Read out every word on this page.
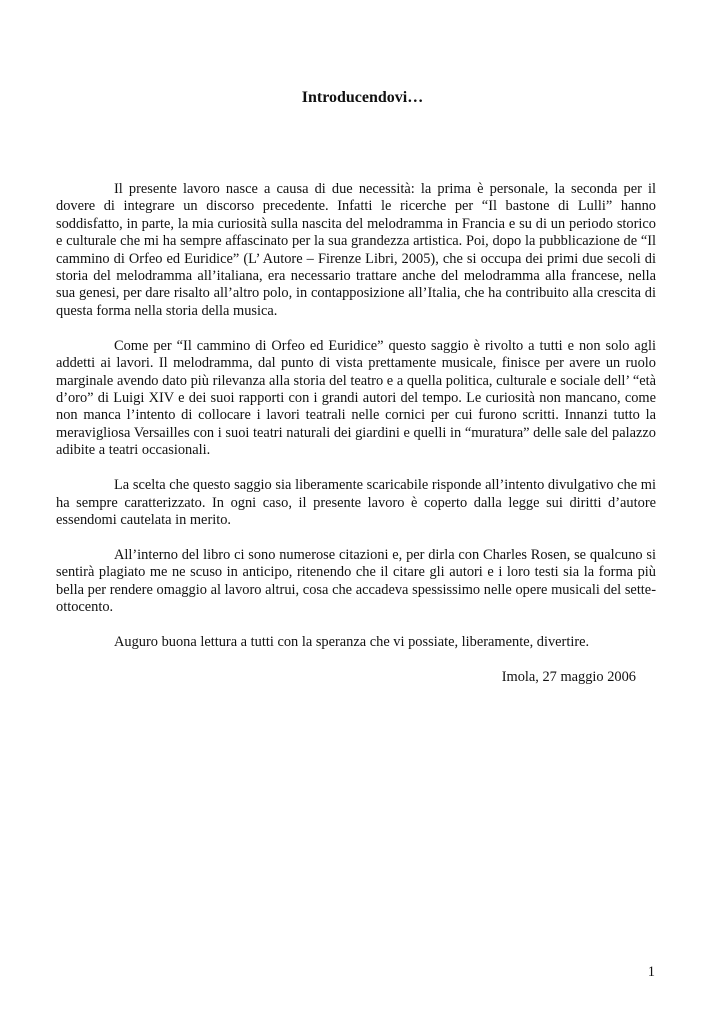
Introducendovi…

Il presente lavoro nasce a causa di due necessità: la prima è personale, la seconda per il dovere di integrare un discorso precedente. Infatti le ricerche per “Il bastone di Lulli” hanno soddisfatto, in parte, la mia curiosità sulla nascita del melodramma in Francia e su di un periodo storico e culturale che mi ha sempre affascinato per la sua grandezza artistica. Poi, dopo la pubblicazione de “Il cammino di Orfeo ed Euridice” (L’ Autore – Firenze Libri, 2005), che si occupa dei primi due secoli di storia del melodramma all’italiana, era necessario trattare anche del melodramma alla francese, nella sua genesi, per dare risalto all’altro polo, in contapposizione all’Italia, che ha contribuito alla crescita di questa forma nella storia della musica.

Come per “Il cammino di Orfeo ed Euridice” questo saggio è rivolto a tutti e non solo agli addetti ai lavori. Il melodramma, dal punto di vista prettamente musicale, finisce per avere un ruolo marginale avendo dato più rilevanza alla storia del teatro e a quella politica, culturale e sociale dell’ “età d’oro” di Luigi XIV e dei suoi rapporti con i grandi autori del tempo. Le curiosità non mancano, come non manca l’intento di collocare i lavori teatrali nelle cornici per cui furono scritti. Innanzi tutto la meravigliosa Versailles con i suoi teatri naturali dei giardini e quelli in “muratura” delle sale del palazzo adibite a teatri occasionali.

La scelta che questo saggio sia liberamente scaricabile risponde all’intento divulgativo che mi ha sempre caratterizzato. In ogni caso, il presente lavoro è coperto dalla legge sui diritti d’autore essendomi cautelata in merito.

All’interno del libro ci sono numerose citazioni e, per dirla con Charles Rosen, se qualcuno si sentirà plagiato me ne scuso in anticipo, ritenendo che il citare gli autori e i loro testi sia la forma più bella per rendere omaggio al lavoro altrui, cosa che accadeva spessissimo nelle opere musicali del sette-ottocento.

Auguro buona lettura a tutti con la speranza che vi possiate, liberamente, divertire.

Imola, 27 maggio 2006

1
